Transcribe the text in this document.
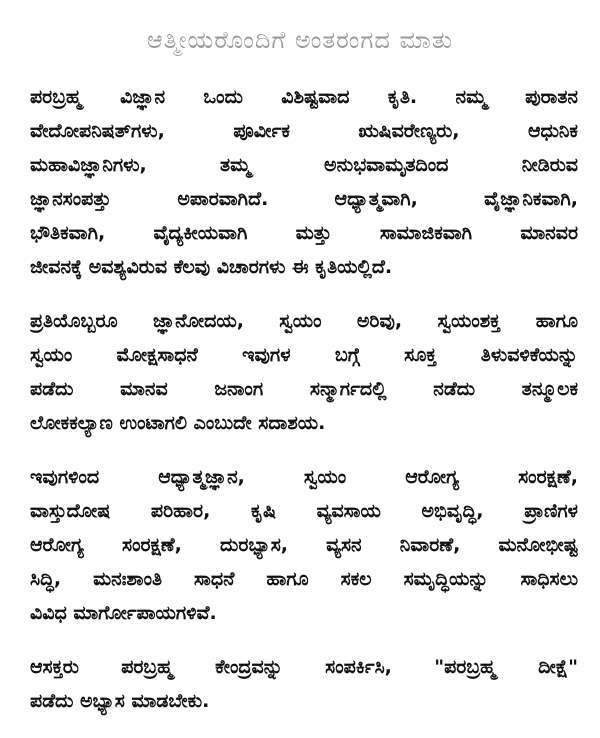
ಆತ್ಮೀಯರೊಂದಿಗೆ ಅಂತರಂಗದ ಮಾತು
ಪರಬ್ರಹ್ಮ ವಿಜ್ಞಾನ ಒಂದು ವಿಶಿಷ್ಟವಾದ ಕೃತಿ. ನಮ್ಮ ಪುರಾತನ
ವೇದೋಪನಿಷತ್‌ಗಳು, ಪೂರ್ವೀಕ ಋಷಿವರೇಣ್ಯರು, ಆಧುನಿಕ
ಮಹಾವಿಜ್ಞಾನಿಗಳು, ತಮ್ಮ ಅನುಭವಾಮೃತದಿಂದ ನೀಡಿರುವ
ಜ್ಞಾನಸಂಪತ್ತು ಅಪಾರವಾಗಿದೆ. ಆಧ್ಯಾತ್ಮವಾಗಿ, ವೈಜ್ಞಾನಿಕವಾಗಿ,
ಭೌತಿಕವಾಗಿ, ವೈದ್ಯಕೀಯವಾಗಿ ಮತ್ತು ಸಾಮಾಜಿಕವಾಗಿ ಮಾನವರ
ಜೀವನಕ್ಕೆ ಅವಶ್ಯವಿರುವ ಕೆಲವು ವಿಚಾರಗಳು ಈ ಕೃತಿಯಲ್ಲಿದೆ.
ಪ್ರತಿಯೊಬ್ಬರೂ ಜ್ಞಾನೋದಯ, ಸ್ವಯಂ ಅರಿವು, ಸ್ವಯಂಶಕ್ತ ಹಾಗೂ
ಸ್ವಯಂ ಮೋಕ್ಷಸಾಧನೆ ಇವುಗಳ ಬಗ್ಗೆ ಸೂಕ್ತ ತಿಳುವಳಿಕೆಯನ್ನು
ಪಡೆದು ಮಾನವ ಜನಾಂಗ ಸನ್ಮಾರ್ಗದಲ್ಲಿ ನಡೆದು ತನ್ಮೂಲಕ
ಲೋಕಕಲ್ಯಾಣ ಉಂಟಾಗಲಿ ಎಂಬುದೇ ಸದಾಶಯ.
ಇವುಗಳಿಂದ ಆಧ್ಯಾತ್ಮಜ್ಞಾನ, ಸ್ವಯಂ ಆರೋಗ್ಯ ಸಂರಕ್ಷಣೆ,
ವಾಸ್ತುದೋಷ ಪರಿಹಾರ, ಕೃಷಿ ವ್ಯವಸಾಯ ಅಭಿವೃದ್ಧಿ, ಪ್ರಾಣಿಗಳ
ಆರೋಗ್ಯ ಸಂರಕ್ಷಣೆ, ದುರಭ್ಯಾಸ, ವ್ಯಸನ ನಿವಾರಣೆ, ಮನೋಭೀಷ್ಟ
ಸಿದ್ಧಿ, ಮನಃಶಾಂತಿ ಸಾಧನೆ ಹಾಗೂ ಸಕಲ ಸಮೃದ್ಧಿಯನ್ನು ಸಾಧಿಸಲು
ವಿವಿಧ ಮಾರ್ಗೋಪಾಯಗಳಿವೆ.
ಆಸಕ್ತರು ಪರಬ್ರಹ್ಮ ಕೇಂದ್ರವನ್ನು ಸಂಪರ್ಕಿಸಿ, "ಪರಬ್ರಹ್ಮ ದೀಕ್ಷೆ"
ಪಡೆದು ಅಭ್ಯಾಸ ಮಾಡಬೇಕು.
